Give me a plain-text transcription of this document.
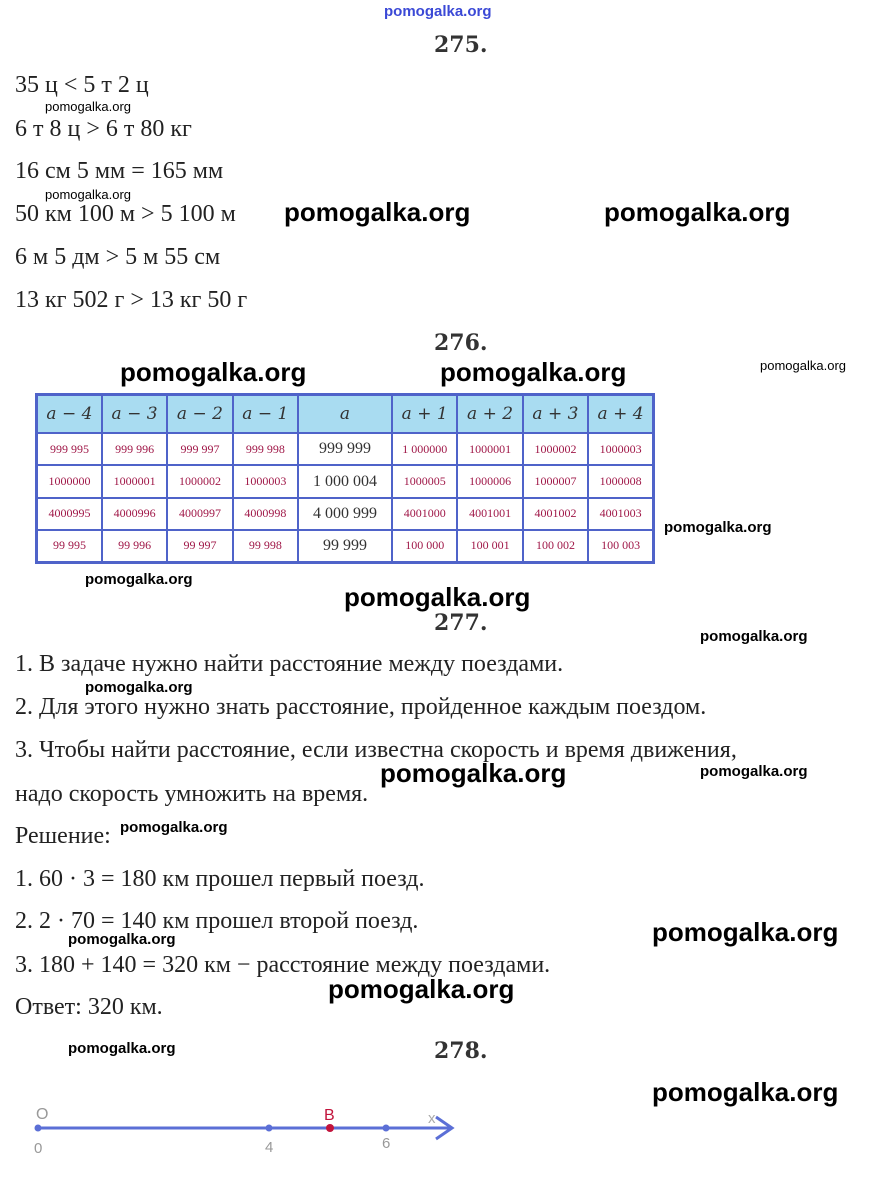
pomogalka.org
275.
35 ц < 5 т 2 ц
pomogalka.org
6 т 8 ц > 6 т 80 кг
16 см 5 мм = 165 мм
pomogalka.org
50 км 100 м > 5 100 м pomogalka.org	pomogalka.org
6 м 5 дм > 5 м 55 см
13 кг 502 г > 13 кг 50 г
276.
pomogalka.org	pomogalka.org	pomogalka.org
a − 4	a − 3	a − 2	a − 1	a	a + 1	a + 2	a + 3	a + 4
999 995	999 996	999 997	999 998	999 999	1 000000	1000001	1000002	1000003
1000000	1000001	1000002	1000003	1 000 004	1000005	1000006	1000007	1000008
4000995	4000996	4000997	4000998	4 000 999	4001000	4001001	4001002	4001003
99 995	99 996	99 997	99 998	99 999	100 000	100 001	100 002	100 003
pomogalka.org
pomogalka.org
pomogalka.org
277.
pomogalka.org
1. В задаче нужно найти расстояние между поездами.
pomogalka.org
2. Для этого нужно знать расстояние, пройденное каждым поездом.
3. Чтобы найти расстояние, если известна скорость и время движения,
pomogalka.org	pomogalka.org
надо скорость умножить на время.
Решение: pomogalka.org
1. 60 · 3 = 180 км прошел первый поезд.
2. 2 · 70 = 140 км прошел второй поезд.	pomogalka.org
pomogalka.org
3. 180 + 140 = 320 км − расстояние между поездами.
pomogalka.org
Ответ: 320 км.
pomogalka.org	278.
pomogalka.org
O	B	x
0	4	6
